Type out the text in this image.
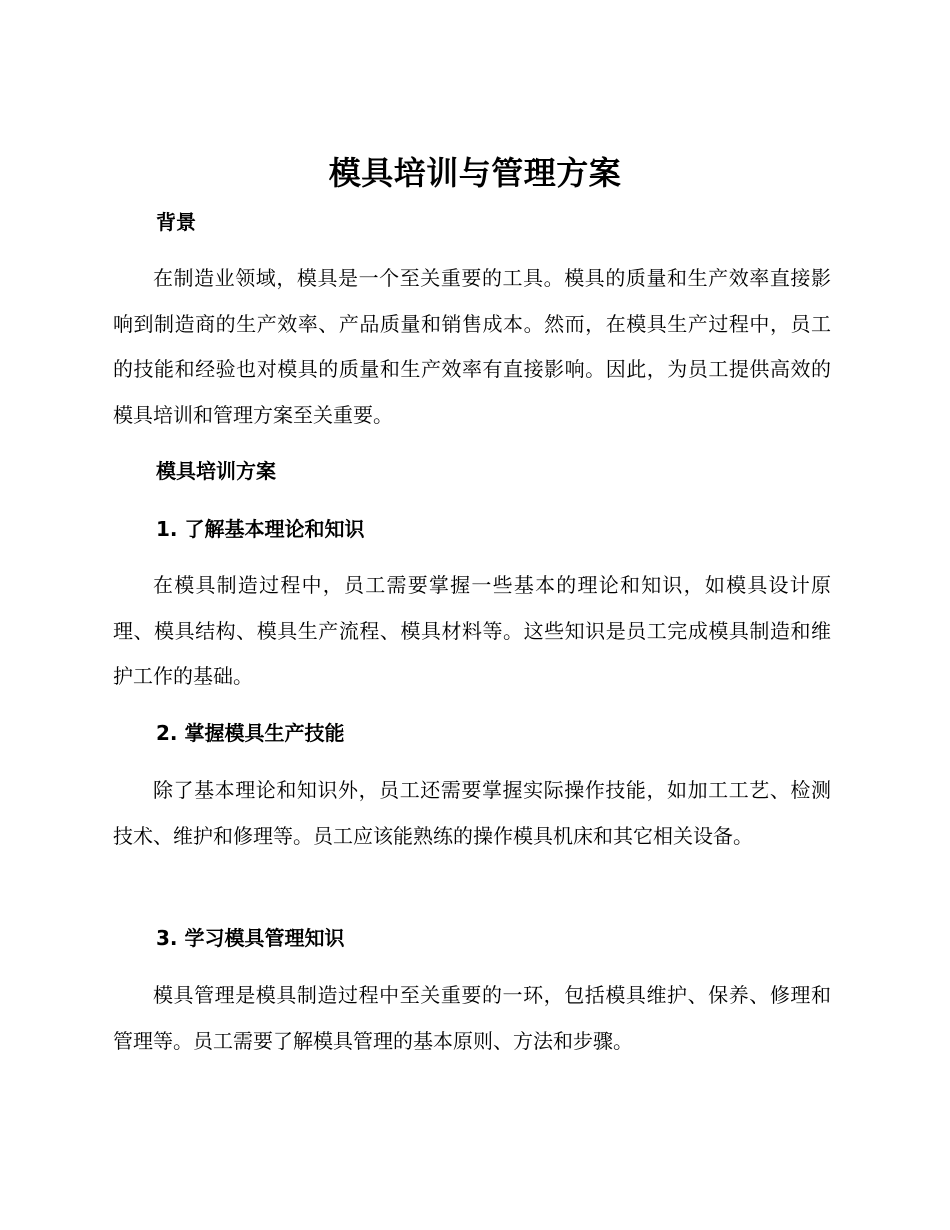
模具培训与管理方案
背景

在制造业领域，模具是一个至关重要的工具。模具的质量和生产效率直接影响到制造商的生产效率、产品质量和销售成本。然而，在模具生产过程中，员工的技能和经验也对模具的质量和生产效率有直接影响。因此，为员工提供高效的模具培训和管理方案至关重要。

模具培训方案
1. 了解基本理论和知识

在模具制造过程中，员工需要掌握一些基本的理论和知识，如模具设计原理、模具结构、模具生产流程、模具材料等。这些知识是员工完成模具制造和维护工作的基础。

2. 掌握模具生产技能

除了基本理论和知识外，员工还需要掌握实际操作技能，如加工工艺、检测技术、维护和修理等。员工应该能熟练的操作模具机床和其它相关设备。

3. 学习模具管理知识

模具管理是模具制造过程中至关重要的一环，包括模具维护、保养、修理和管理等。员工需要了解模具管理的基本原则、方法和步骤。
